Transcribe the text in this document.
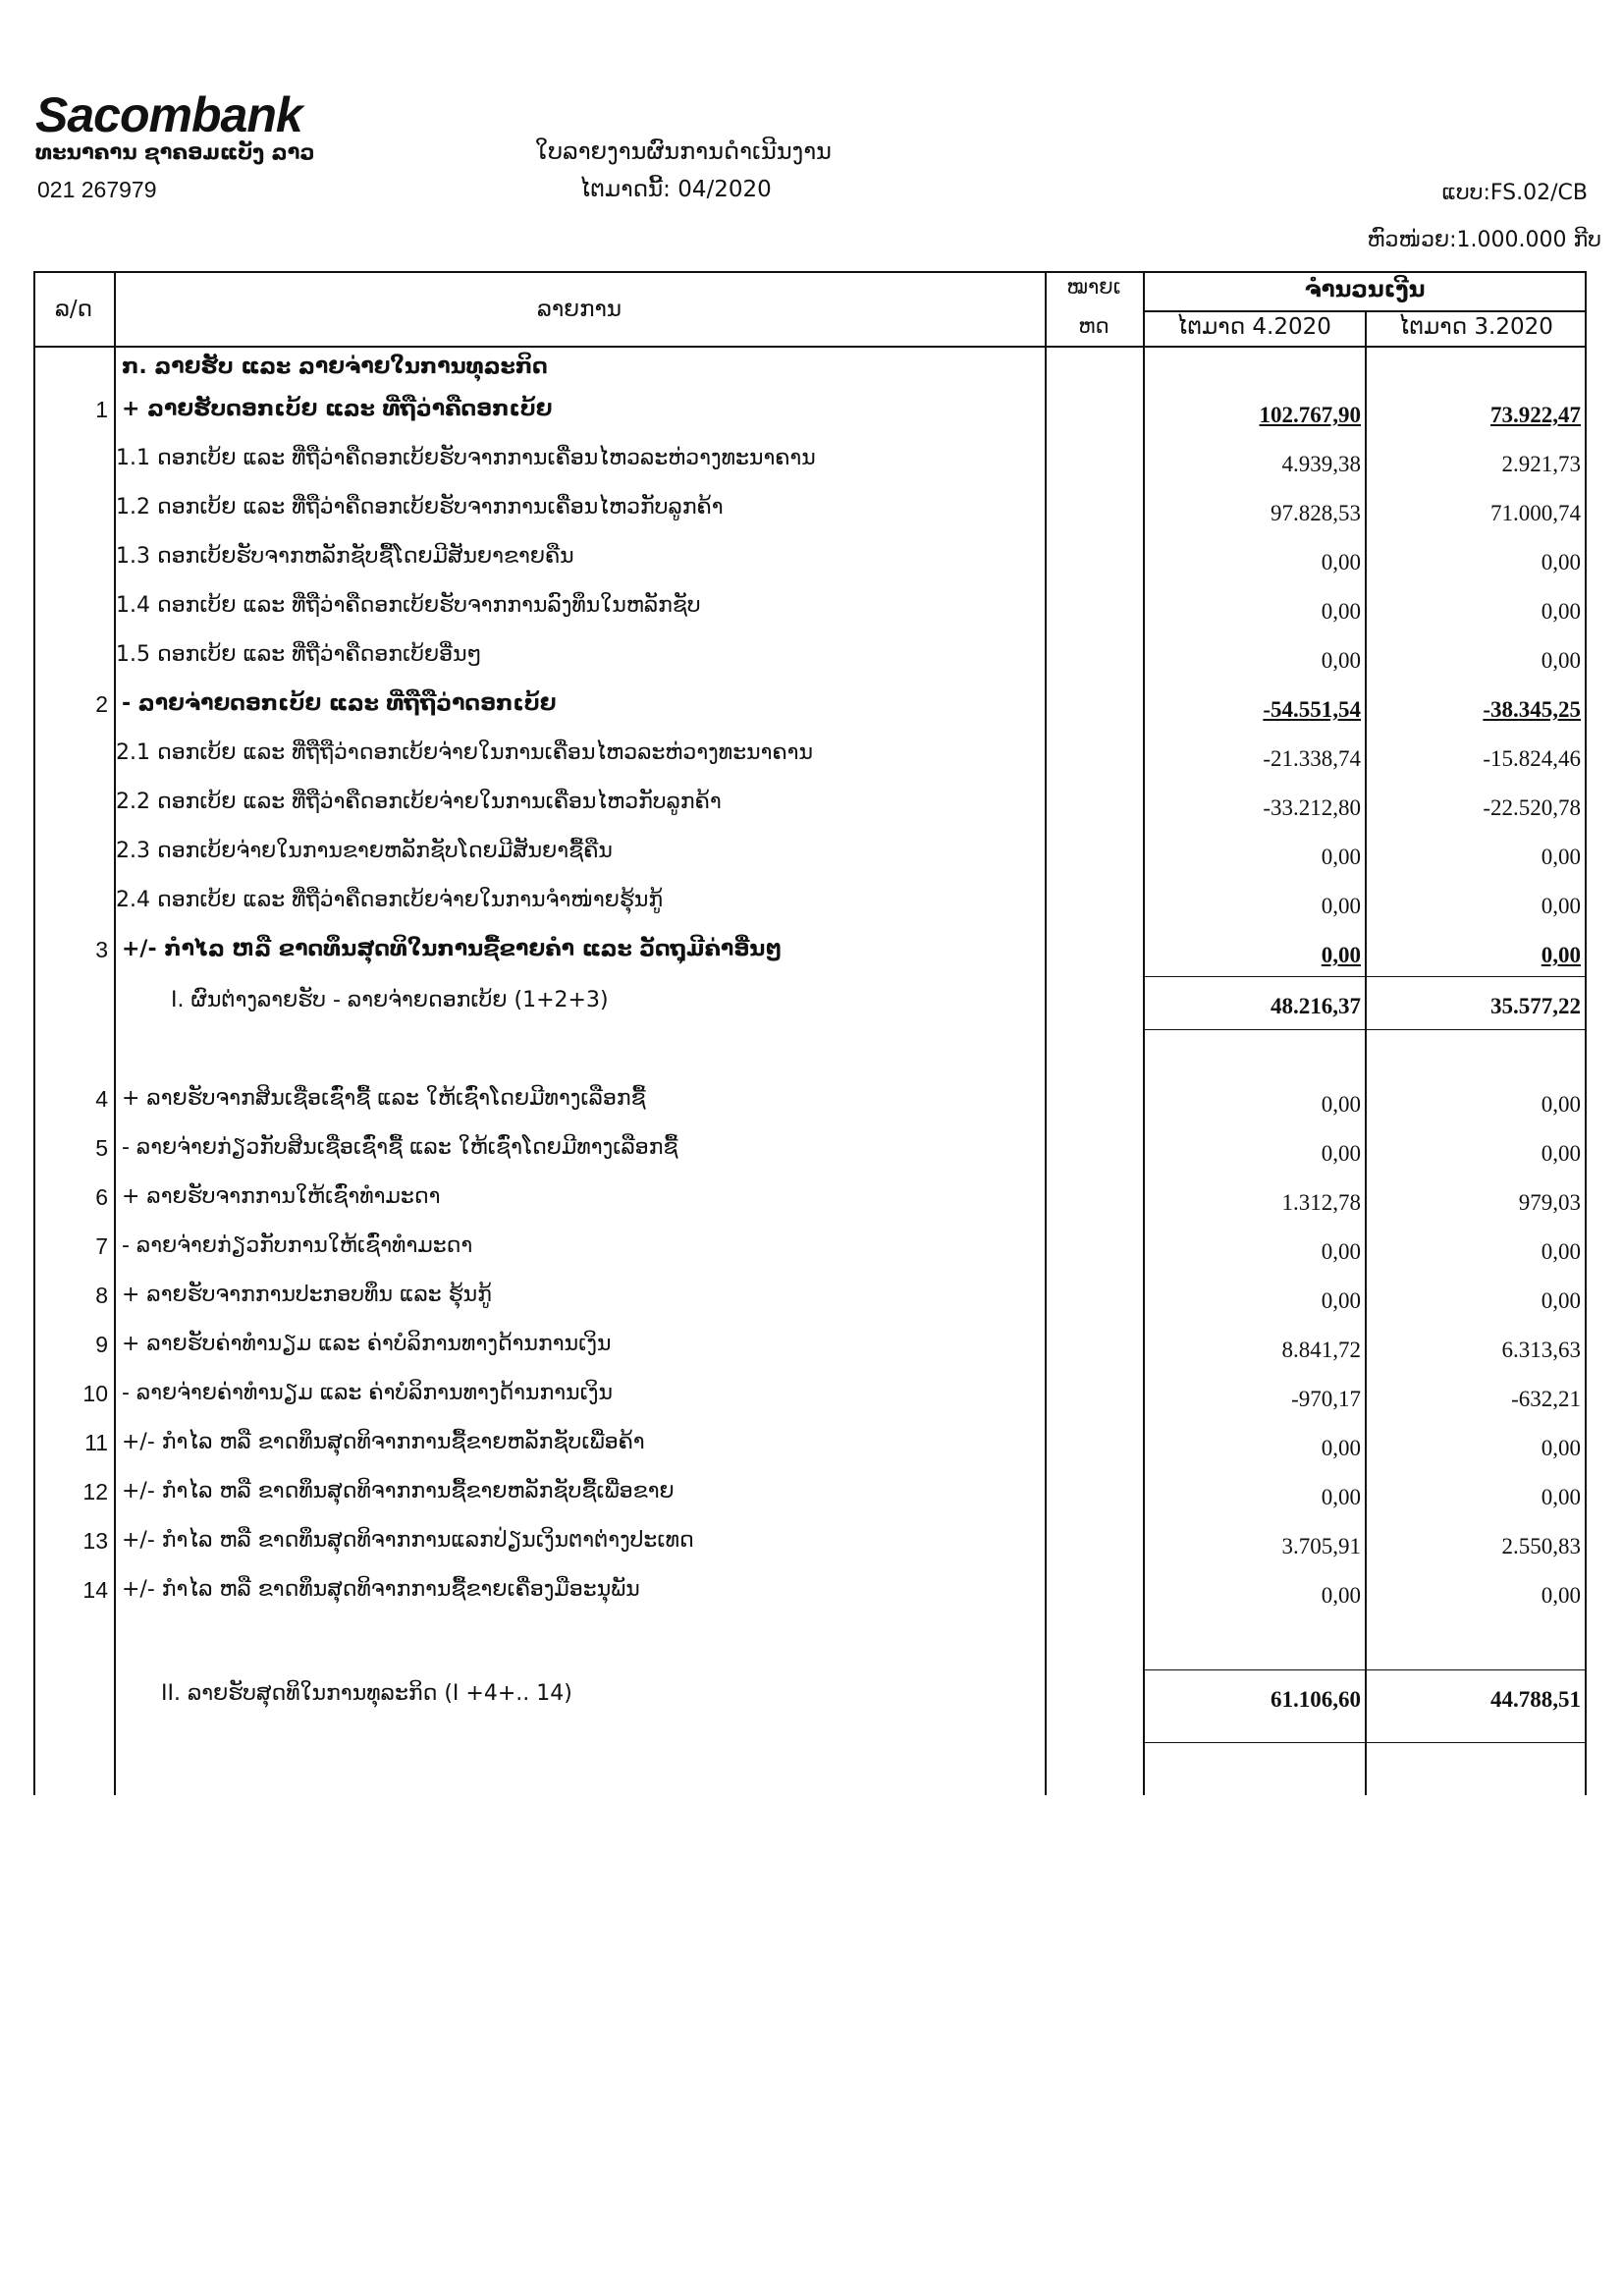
Sacombank
ທະນາຄານ ຊາຄອມແບັງ ລາວ
021 267979
ໃບລາຍງານຜົນການດຳເນີນງານ
ໄຕມາດນີ້: 04/2020	ແບບ:FS.02/CB
ຫົວໜ່ວຍ:1.000.000 ກີບ
ລ/ດ	ລາຍການ
ໝາຍເ
ຫດ
ຈຳນວນເງີນ
ໄຕມາດ 4.2020	ໄຕມາດ 3.2020
ກ. ລາຍຮັບ ແລະ ລາຍຈ່າຍໃນການທຸລະກິດ
1 + ລາຍຮັບດອກເບ້ຍ ແລະ ທີ່ຖືວ່າຄືດອກເບ້ຍ	102.767,90	73.922,47
1.1 ດອກເບ້ຍ ແລະ ທີ່ຖືວ່າຄືດອກເບ້ຍຮັບຈາກການເຄື່ອນໄຫວລະຫ່ວາງທະນາຄານ	4.939,38	2.921,73
1.2 ດອກເບ້ຍ ແລະ ທີ່ຖືວ່າຄືດອກເບ້ຍຮັບຈາກການເຄື່ອນໄຫວກັບລູກຄ້າ	97.828,53	71.000,74
1.3 ດອກເບ້ຍຮັບຈາກຫລັກຊັບຊື້ໂດຍມີສັນຍາຂາຍຄືນ	0,00	0,00
1.4 ດອກເບ້ຍ ແລະ ທີ່ຖືວ່າຄືດອກເບ້ຍຮັບຈາກການລົງທຶນໃນຫລັກຊັບ	0,00	0,00
1.5 ດອກເບ້ຍ ແລະ ທີ່ຖືວ່າຄືດອກເບ້ຍອື່ນໆ	0,00	0,00
2 - ລາຍຈ່າຍດອກເບ້ຍ ແລະ ທີ່ຖືຖືວ່າດອກເບ້ຍ	-54.551,54	-38.345,25
2.1 ດອກເບ້ຍ ແລະ ທີ່ຖືຖືວ່າດອກເບ້ຍຈ່າຍໃນການເຄື່ອນໄຫວລະຫ່ວາງທະນາຄານ	-21.338,74	-15.824,46
2.2 ດອກເບ້ຍ ແລະ ທີ່ຖືວ່າຄືດອກເບ້ຍຈ່າຍໃນການເຄື່ອນໄຫວກັບລູກຄ້າ	-33.212,80	-22.520,78
2.3 ດອກເບ້ຍຈ່າຍໃນການຂາຍຫລັກຊັບໂດຍມີສັນຍາຊື້ຄືນ	0,00	0,00
2.4 ດອກເບ້ຍ ແລະ ທີ່ຖືວ່າຄືດອກເບ້ຍຈ່າຍໃນການຈຳໜ່າຍຮຸ້ນກູ້	0,00	0,00
3 +/- ກຳໄລ ຫລື ຂາດທຶນສຸດທິໃນການຊື້ຂາຍຄຳ ແລະ ວັດຖຸມີຄ່າອື່ນໆ	0,00	0,00
I. ຜົນຕ່າງລາຍຮັບ - ລາຍຈ່າຍດອກເບ້ຍ (1+2+3)	48.216,37	35.577,22
4 + ລາຍຮັບຈາກສິນເຊື່ອເຊົ່າຊື້ ແລະ ໃຫ້ເຊົ່າໂດຍມີທາງເລືອກຊື້	0,00	0,00
5 - ລາຍຈ່າຍກ່ຽວກັບສິນເຊື່ອເຊົ່າຊື້ ແລະ ໃຫ້ເຊົ່າໂດຍມີທາງເລືອກຊື້	0,00	0,00
6 + ລາຍຮັບຈາກການໃຫ້ເຊົ່າທຳມະດາ	1.312,78	979,03
7 - ລາຍຈ່າຍກ່ຽວກັບການໃຫ້ເຊົ່າທຳມະດາ	0,00	0,00
8 + ລາຍຮັບຈາກການປະກອບທຶນ ແລະ ຮຸ້ນກູ້	0,00	0,00
9 + ລາຍຮັບຄ່າທຳນຽມ ແລະ ຄ່າບໍລິການທາງດ້ານການເງິນ	8.841,72	6.313,63
10 - ລາຍຈ່າຍຄ່າທຳນຽມ ແລະ ຄ່າບໍລິການທາງດ້ານການເງິນ	-970,17	-632,21
11 +/- ກຳໄລ ຫລື ຂາດທຶນສຸດທິຈາກການຊື້ຂາຍຫລັກຊັບເພື່ອຄ້າ	0,00	0,00
12 +/- ກຳໄລ ຫລື ຂາດທຶນສຸດທິຈາກການຊື້ຂາຍຫລັກຊັບຊື້ເພື່ອຂາຍ	0,00	0,00
13 +/- ກຳໄລ ຫລື ຂາດທຶນສຸດທິຈາກການແລກປ່ຽນເງິນຕາຕ່າງປະເທດ	3.705,91	2.550,83
14 +/- ກຳໄລ ຫລື ຂາດທຶນສຸດທິຈາກການຊື້ຂາຍເຄື່ອງມືອະນຸພັນ	0,00	0,00
II. ລາຍຮັບສຸດທິໃນການທຸລະກິດ (I +4+.. 14)	61.106,60	44.788,51
